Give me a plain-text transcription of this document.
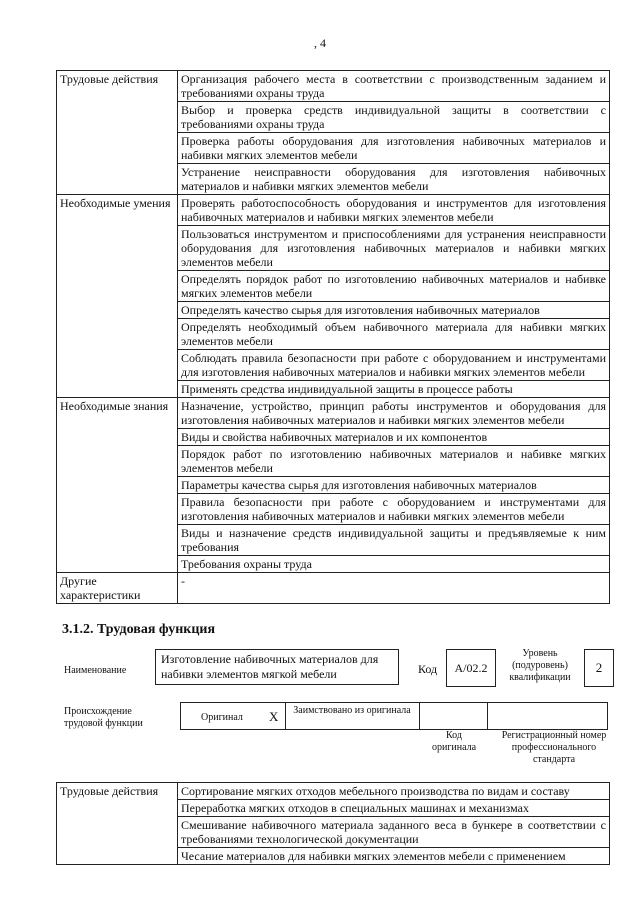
, 4
Трудовые действия	Организация рабочего места в соответствии с производственным заданием и требованиями охраны труда
	Выбор и проверка средств индивидуальной защиты в соответствии с требованиями охраны труда
	Проверка работы оборудования для изготовления набивочных материалов и набивки мягких элементов мебели
	Устранение неисправности оборудования для изготовления набивочных материалов и набивки мягких элементов мебели
Необходимые умения	Проверять работоспособность оборудования и инструментов для изготовления набивочных материалов и набивки мягких элементов мебели
	Пользоваться инструментом и приспособлениями для устранения неисправности оборудования для изготовления набивочных материалов и набивки мягких элементов мебели
	Определять порядок работ по изготовлению набивочных материалов и набивке мягких элементов мебели
	Определять качество сырья для изготовления набивочных материалов
	Определять необходимый объем набивочного материала для набивки мягких элементов мебели
	Соблюдать правила безопасности при работе с оборудованием и инструментами для изготовления набивочных материалов и набивки мягких элементов мебели
	Применять средства индивидуальной защиты в процессе работы
Необходимые знания	Назначение, устройство, принцип работы инструментов и оборудования для изготовления набивочных материалов и набивки мягких элементов мебели
	Виды и свойства набивочных материалов и их компонентов
	Порядок работ по изготовлению набивочных материалов и набивке мягких элементов мебели
	Параметры качества сырья для изготовления набивочных материалов
	Правила безопасности при работе с оборудованием и инструментами для изготовления набивочных материалов и набивки мягких элементов мебели
	Виды и назначение средств индивидуальной защиты и предъявляемые к ним требования
	Требования охраны труда
Другие характеристики	-
3.1.2. Трудовая функция
Наименование
Изготовление набивочных материалов для набивки элементов мягкой мебели	Код	А/02.2
Уровень (подуровень) квалификации
2
Происхождение трудовой функции
Оригинал X	Заимствовано из оригинала
Код оригинала
Регистрационный номер профессионального стандарта
Трудовые действия	Сортирование мягких отходов мебельного производства по видам и составу
Переработка мягких отходов в специальных машинах и механизмах
Смешивание набивочного материала заданного веса в бункере в соответствии с требованиями технологической документации
Чесание материалов для набивки мягких элементов мебели с применением
